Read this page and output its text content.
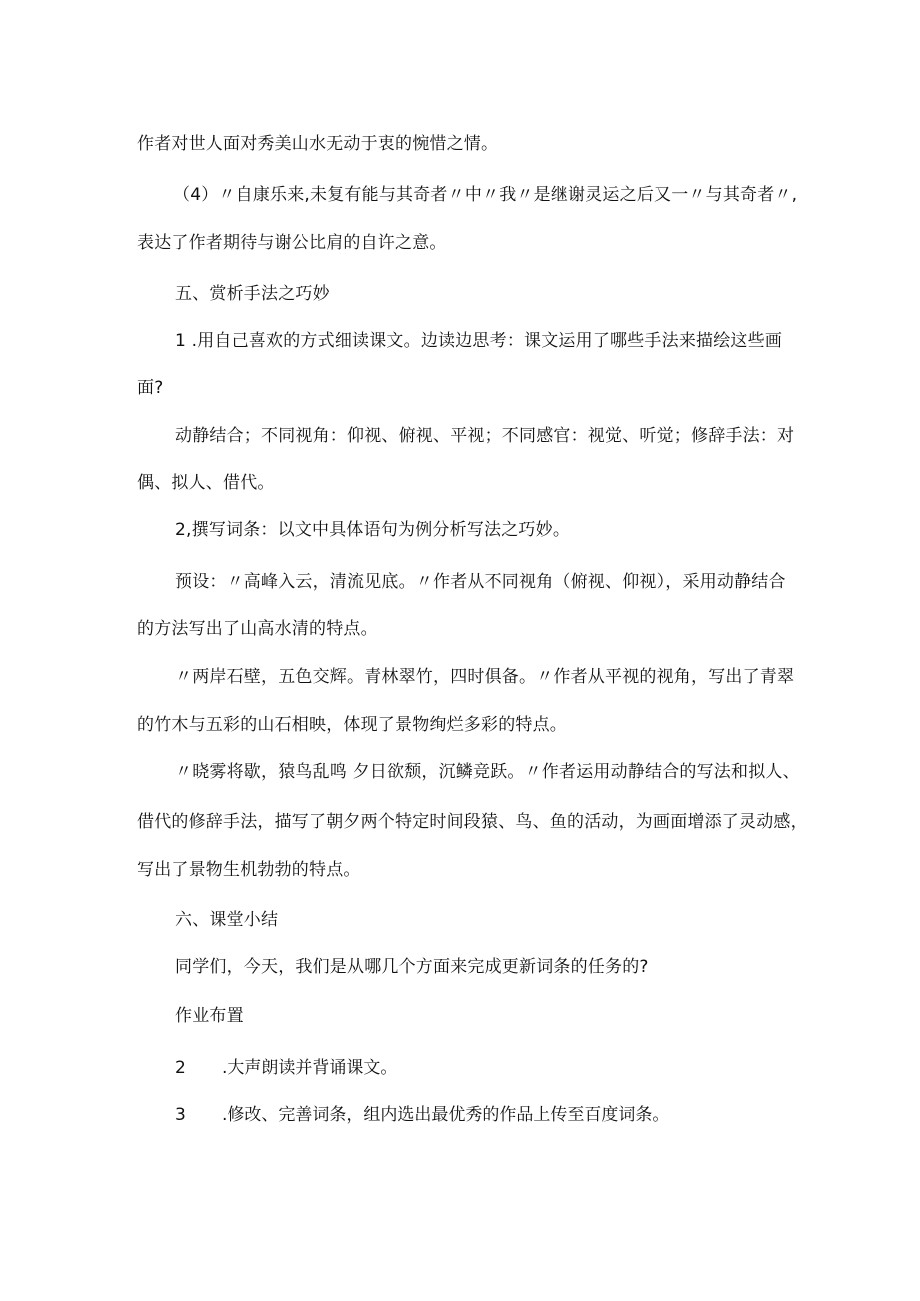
作者对世人面对秀美山水无动于衷的惋惜之情。
（4）〃自康乐来,未复有能与其奇者〃中〃我〃是继谢灵运之后又一〃与其奇者〃,
表达了作者期待与谢公比肩的自许之意。
五、赏析手法之巧妙
1 .用自己喜欢的方式细读课文。边读边思考：课文运用了哪些手法来描绘这些画
面?
动静结合；不同视角：仰视、俯视、平视；不同感官：视觉、听觉；修辞手法：对
偶、拟人、借代。
2,撰写词条：以文中具体语句为例分析写法之巧妙。
预设：〃高峰入云，清流见底。〃作者从不同视角（俯视、仰视），采用动静结合
的方法写出了山高水清的特点。
〃两岸石壁，五色交辉。青林翠竹，四时俱备。〃作者从平视的视角，写出了青翠
的竹木与五彩的山石相映，体现了景物绚烂多彩的特点。
〃晓雾将歇，猿鸟乱鸣 夕日欲颓，沉鳞竞跃。〃作者运用动静结合的写法和拟人、
借代的修辞手法，描写了朝夕两个特定时间段猿、鸟、鱼的活动，为画面增添了灵动感，
写出了景物生机勃勃的特点。
六、课堂小结
同学们，今天，我们是从哪几个方面来完成更新词条的任务的?
作业布置
2 .大声朗读并背诵课文。
3 .修改、完善词条，组内选出最优秀的作品上传至百度词条。
